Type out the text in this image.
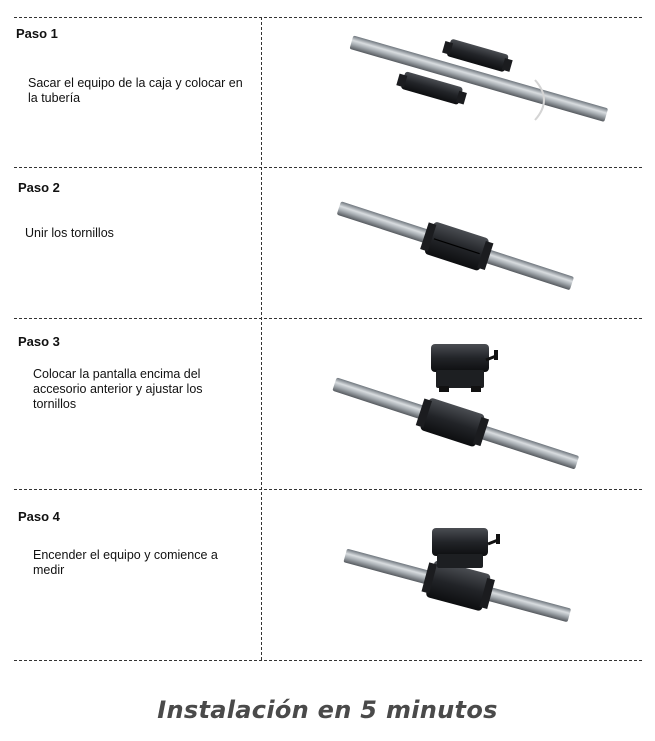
Paso 1
Sacar el equipo de la caja y colocar en la tubería
Paso 2
Unir los tornillos
Paso 3
Colocar la pantalla encima del accesorio anterior y ajustar los tornillos
Paso 4
Encender el equipo y comience a medir
Instalación en 5 minutos
